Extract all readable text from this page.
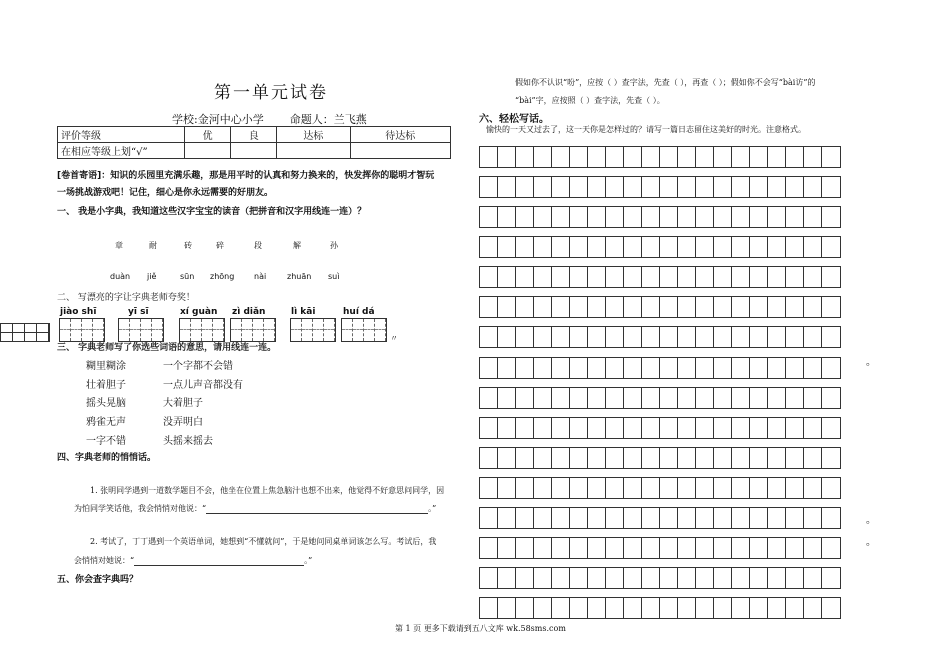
第一单元试卷
学校:金河中心小学 命题人：兰飞燕
评价等级	优	良	达标	待达标
在相应等级上划“√”				
[卷首寄语]：知识的乐园里充满乐趣，那是用平时的认真和努力换来的，快发挥你的聪明才智玩
一场挑战游戏吧！记住，细心是你永远需要的好朋友。
一、 我是小字典，我知道这些汉字宝宝的读音（把拼音和汉字用线连一连）？
章	耐	砖	碎	段	解	孙
duàn jiě	sūn zhōng nài	zhuān suì
二、 写漂亮的字让字典老师夸奖！
jiào shī	yī sī	xí guàn zì diǎn	lì kāi	huí dá
〃
三、 字典老师写了你选些词语的意思，请用线连一连。
糊里糊涂
壮着胆子
摇头晃脑
鸦雀无声
一字不错
一个字都不会错
一点儿声音都没有
大着胆子
没弄明白
头摇来摇去
四、字典老师的悄悄话。
1. 张明同学遇到一道数学题目不会，他坐在位置上焦急脑汁也想不出来，他觉得不好意思问同学，因
为怕同学笑话他，我会悄悄对他说：“	。”
2. 考试了，丁丁遇到一个英语单词，她想到“不懂就问”，于是她问同桌单词该怎么写。考试后，我
会悄悄对她说：“	。”
五、你会查字典吗？
假如你不认识“吩”，应按（ ）查字法，先查（ ），再查（ ）；假如你不会写“bài访”的
“bài”字，应按照（ ）查字法，先查（ ）。
六、轻松写话。
愉快的一天又过去了，这一天你是怎样过的？请写一篇日志留住这美好的时光。注意格式。
。
。
。
第 1 页 更多下载请到五八文库 wk.58sms.com
